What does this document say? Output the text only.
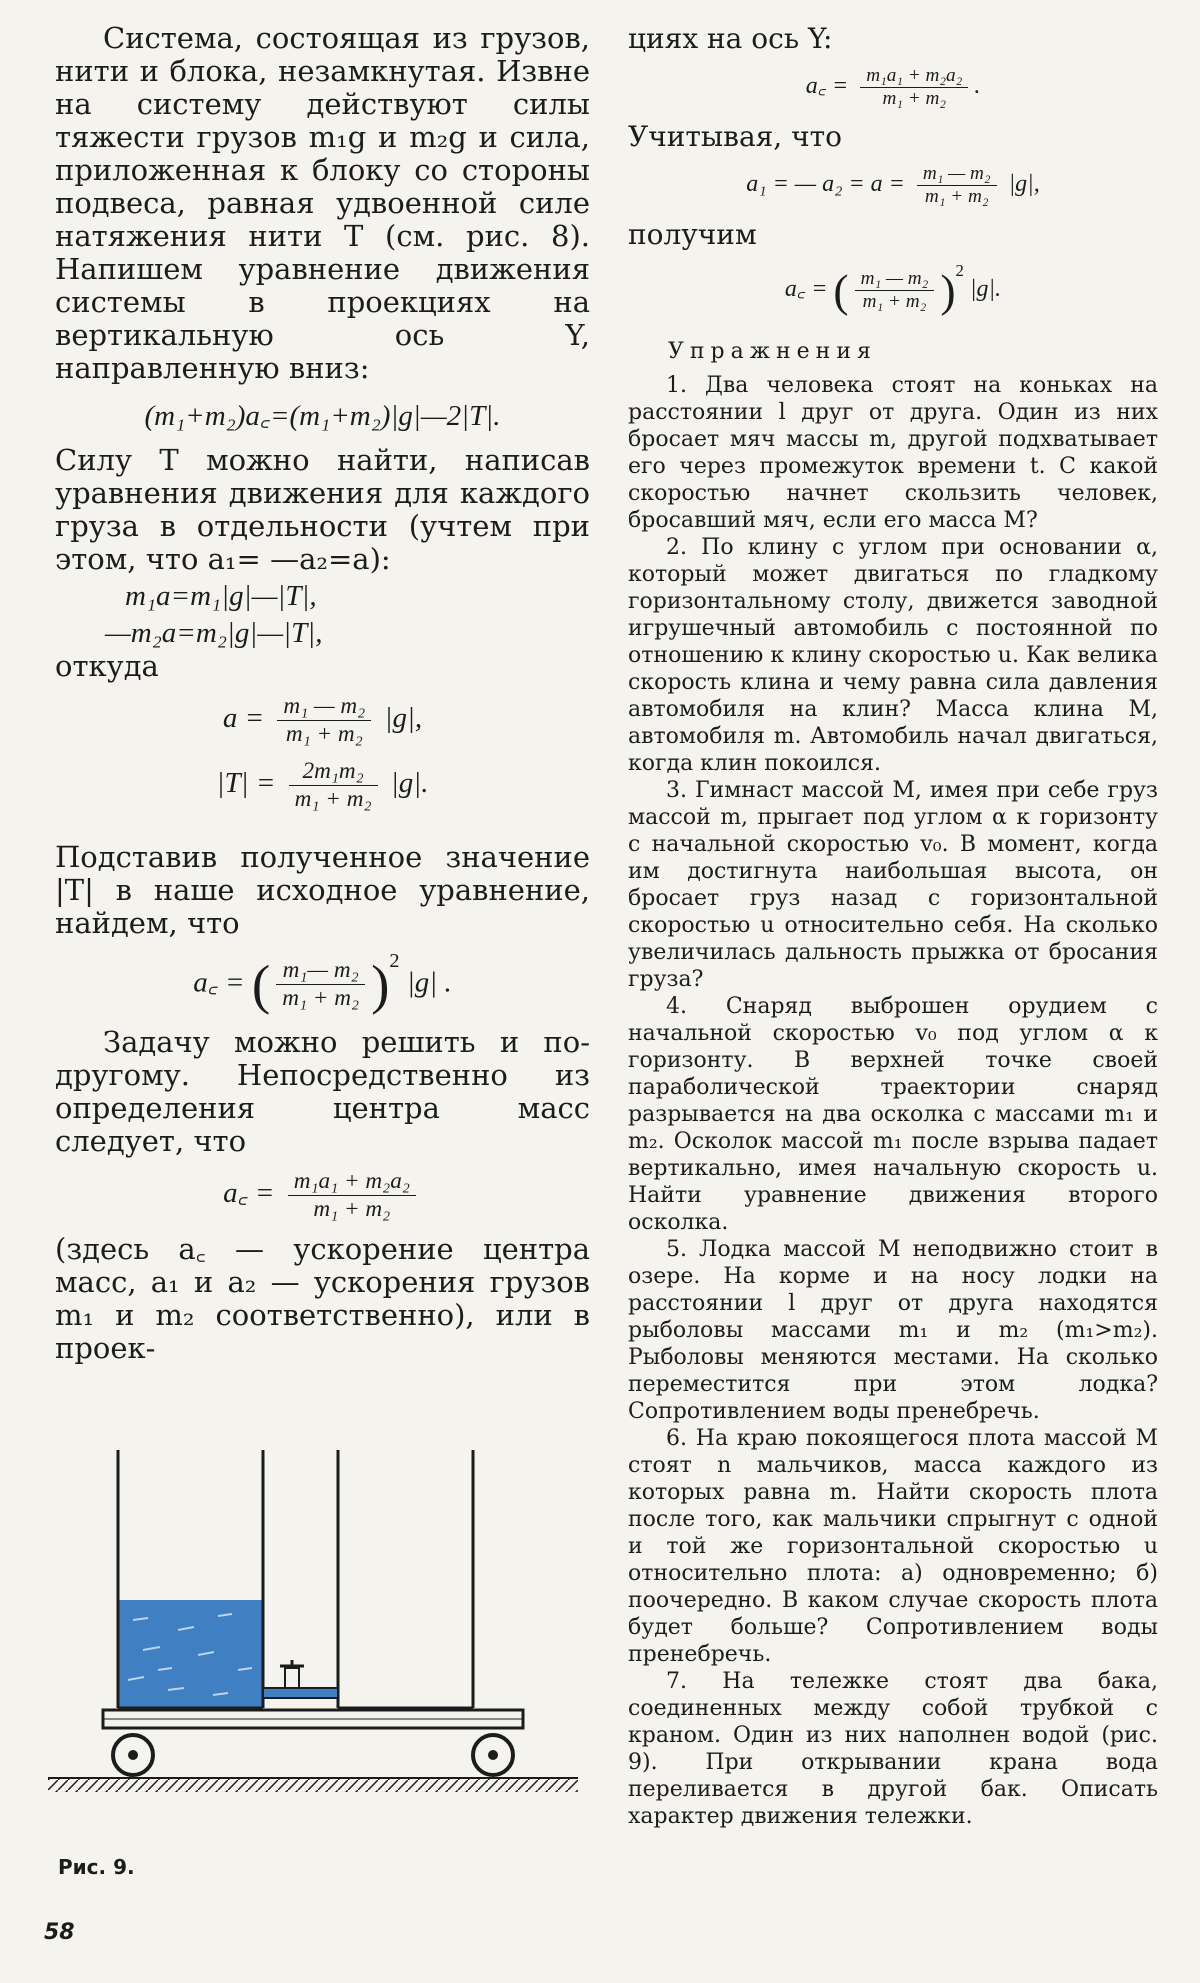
Система, состоящая из грузов, нити и блока, незамкнутая. Извне на систему действуют силы тяжести грузов m₁g и m₂g и сила, приложенная к блоку со стороны подвеса, равная удвоенной силе натяжения нити T (см. рис. 8). Напишем уравнение движения системы в проекциях на вертикальную ось Y, направленную вниз:

(m₁+m₂)a꜀=(m₁+m₂)|g|—2|T|.

Силу T можно найти, написав уравнения движения для каждого груза в отдельности (учтем при этом, что a₁= —a₂=a):

m₁a=m₁|g|—|T|,
—m₂a=m₂|g|—|T|,

откуда

$a = \frac{\text{m₁ — m₂}}{\text{m₁ + m₂}} |g|$,
$|T| = \frac{\text{2m₁m₂}}{\text{m₁ + m₂}} |g|$.

Подставив полученное значение |T| в наше исходное уравнение, найдем, что

a꜀ = ( $\frac{\text{m₁— m₂}}{\text{m₁ + m₂}} )^2$ |g| .

Задачу можно решить и по-другому. Непосредственно из определения центра масс следует, что

a꜀ = $\frac{\text{m₁a₁ + m₂a₂}}{\text{m₁ + m₂}}$

(здесь a꜀ — ускорение центра масс, a₁ и a₂ — ускорения грузов m₁ и m₂ соответственно), или в проек-

циях на ось Y:

a꜀ = $\frac{\text{m₁a₁ + m₂a₂}}{\text{m₁ + m₂}}$ .

Учитывая, что

a₁ = — $a_2 = a = \frac{\text{m₁ — m₂}}{\text{m₁ + m₂}} |g|$,

получим

a꜀ = ( $\frac{\text{m₁ — m₂}}{\text{m₁ + m₂}} )^2$ |g|.
Упражнения

1. Два человека стоят на коньках на расстоянии l друг от друга. Один из них бросает мяч массы m, другой подхватывает его через промежуток времени t. С какой скоростью начнет скользить человек, бросавший мяч, если его масса M?

2. По клину с углом при основании α, который может двигаться по гладкому горизонтальному столу, движется заводной игрушечный автомобиль с постоянной по отношению к клину скоростью u. Как велика скорость клина и чему равна сила давления автомобиля на клин? Масса клина M, автомобиля m. Автомобиль начал двигаться, когда клин покоился.

3. Гимнаст массой M, имея при себе груз массой m, прыгает под углом α к горизонту с начальной скоростью v₀. В момент, когда им достигнута наибольшая высота, он бросает груз назад с горизонтальной скоростью u относительно себя. На сколько увеличилась дальность прыжка от бросания груза?

4. Снаряд выброшен орудием с начальной скоростью v₀ под углом α к горизонту. В верхней точке своей параболической траектории снаряд разрывается на два осколка с массами m₁ и m₂. Осколок массой m₁ после взрыва падает вертикально, имея начальную скорость u. Найти уравнение движения второго осколка.

5. Лодка массой M неподвижно стоит в озере. На корме и на носу лодки на расстоянии l друг от друга находятся рыболовы массами m₁ и m₂ (m₁>m₂). Рыболовы меняются местами. На сколько переместится при этом лодка? Сопротивлением воды пренебречь.

6. На краю покоящегося плота массой M стоят n мальчиков, масса каждого из которых равна m. Найти скорость плота после того, как мальчики спрыгнут с одной и той же горизонтальной скоростью u относительно плота: а) одновременно; б) поочередно. В каком случае скорость плота будет больше? Сопротивлением воды пренебречь.

7. На тележке стоят два бака, соединенных между собой трубкой с краном. Один из них наполнен водой (рис. 9). При открывании крана вода переливается в другой бак. Описать характер движения тележки.

Рис. 9.
58
